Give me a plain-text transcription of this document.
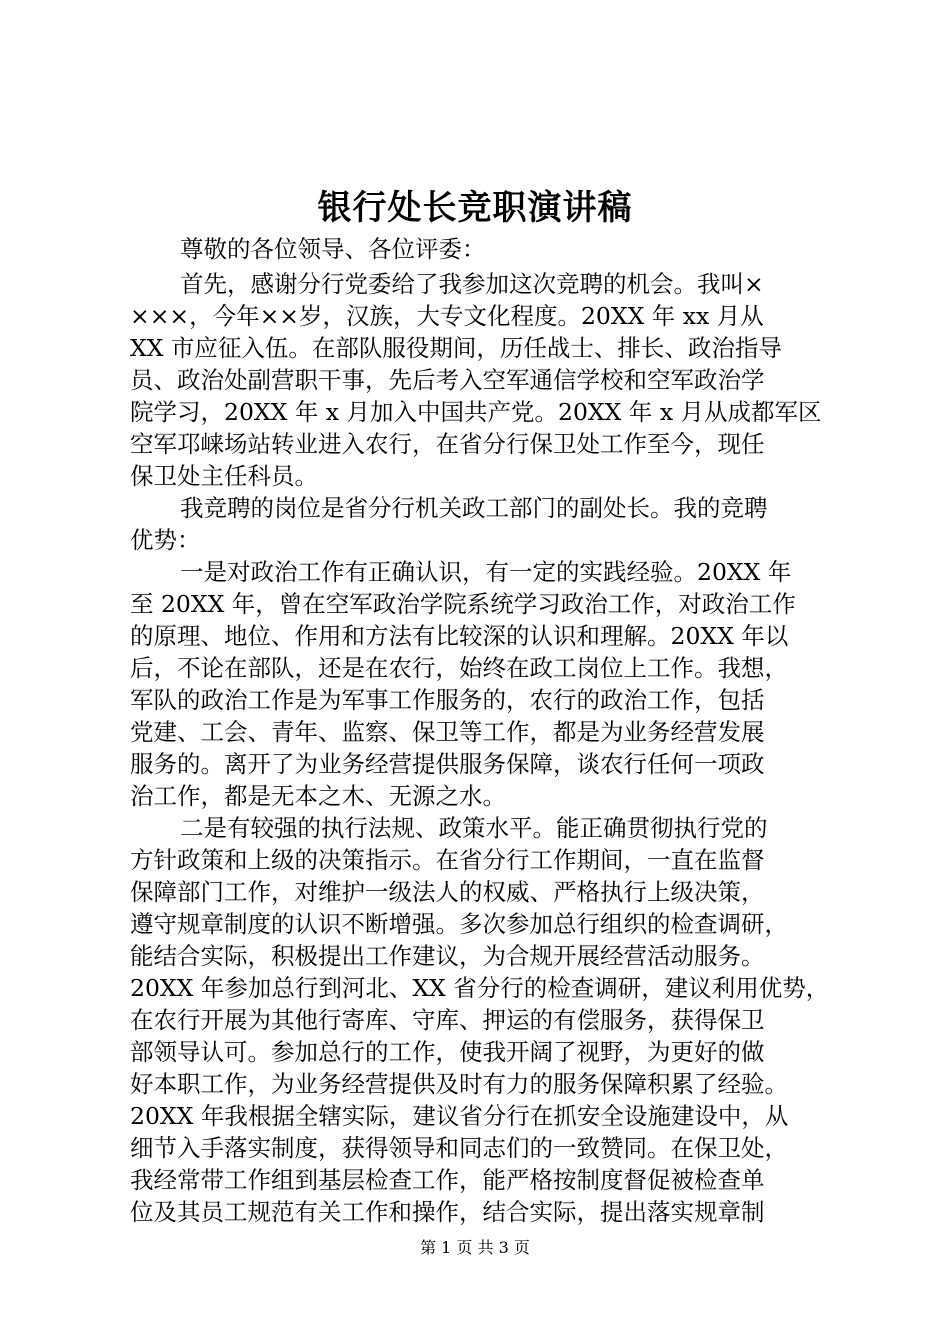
银行处长竞职演讲稿
尊敬的各位领导、各位评委：
首先，感谢分行党委给了我参加这次竞聘的机会。我叫×
×××，今年××岁，汉族，大专文化程度。20XX 年 xx 月从
XX 市应征入伍。在部队服役期间，历任战士、排长、政治指导
员、政治处副营职干事，先后考入空军通信学校和空军政治学
院学习，20XX 年 x 月加入中国共产党。20XX 年 x 月从成都军区
空军邛崃场站转业进入农行，在省分行保卫处工作至今，现任
保卫处主任科员。
我竞聘的岗位是省分行机关政工部门的副处长。我的竞聘
优势：
一是对政治工作有正确认识，有一定的实践经验。20XX 年
至 20XX 年，曾在空军政治学院系统学习政治工作，对政治工作
的原理、地位、作用和方法有比较深的认识和理解。20XX 年以
后，不论在部队，还是在农行，始终在政工岗位上工作。我想，
军队的政治工作是为军事工作服务的，农行的政治工作，包括
党建、工会、青年、监察、保卫等工作，都是为业务经营发展
服务的。离开了为业务经营提供服务保障，谈农行任何一项政
治工作，都是无本之木、无源之水。
二是有较强的执行法规、政策水平。能正确贯彻执行党的
方针政策和上级的决策指示。在省分行工作期间，一直在监督
保障部门工作，对维护一级法人的权威、严格执行上级决策，
遵守规章制度的认识不断增强。多次参加总行组织的检查调研，
能结合实际，积极提出工作建议，为合规开展经营活动服务。
20XX 年参加总行到河北、XX 省分行的检查调研，建议利用优势，
在农行开展为其他行寄库、守库、押运的有偿服务，获得保卫
部领导认可。参加总行的工作，使我开阔了视野，为更好的做
好本职工作，为业务经营提供及时有力的服务保障积累了经验。
20XX 年我根据全辖实际，建议省分行在抓安全设施建设中，从
细节入手落实制度，获得领导和同志们的一致赞同。在保卫处，
我经常带工作组到基层检查工作，能严格按制度督促被检查单
位及其员工规范有关工作和操作，结合实际，提出落实规章制
第 1 页 共 3 页
